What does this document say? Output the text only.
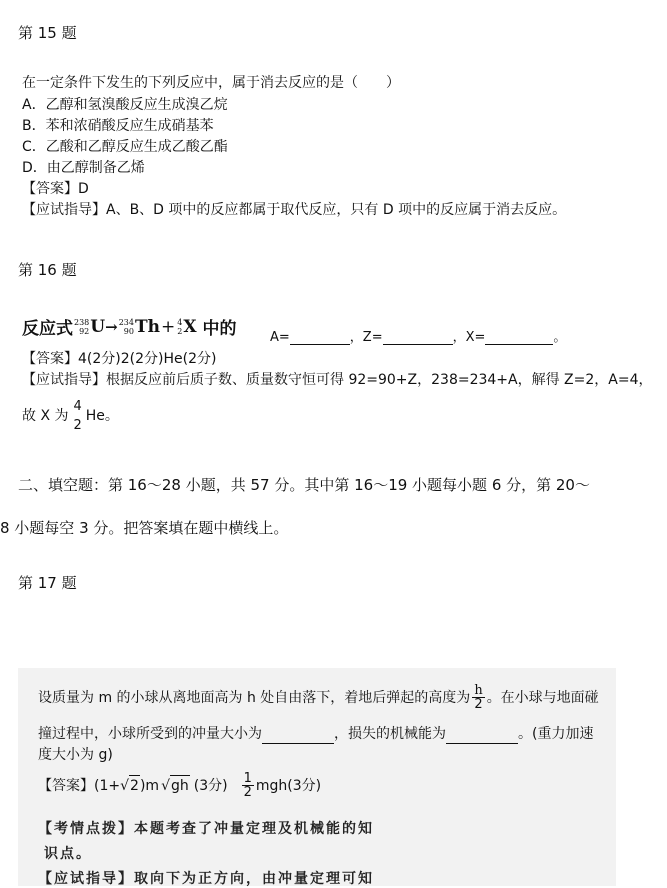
第 15 题
在一定条件下发生的下列反应中，属于消去反应的是（　　）
A．乙醇和氢溴酸反应生成溴乙烷
B．苯和浓硝酸反应生成硝基苯
C．乙酸和乙醇反应生成乙酸乙酯
D．由乙醇制备乙烯
【答案】D
【应试指导】A、B、D 项中的反应都属于取代反应，只有 D 项中的反应属于消去反应。
第 16 题
反应式 238
92 U → 234
90 Th + 4
2 X 中的	A=	，Z=	，X=	。
【答案】4(2分)2(2分)He(2分)
【应试指导】根据反应前后质子数、质量数守恒可得 92=90+Z，238=234+A，解得 Z=2，A=4，
故 X 为
4
2
He。
二、填空题：第 16～28 小题，共 57 分。其中第 16～19 小题每小题 6 分，第 20～
8 小题每空 3 分。把答案填在题中横线上。
第 17 题
设质量为 m 的小球从离地面高为 h 处自由落下，着地后弹起的高度为 $\frac{h}{2}$ 。在小球与地面碰
撞过程中，小球所受到的冲量大小为	，损失的机械能为	。(重力加速
度大小为 g)
【答案】(1+ √ 2 )m √ gh (3分) $\frac{1}{2} mgh(3$分)
【考情点拨】本题考查了冲量定理及机械能的知
识点。
【应试指导】取向下为正方向，由冲量定理可知
